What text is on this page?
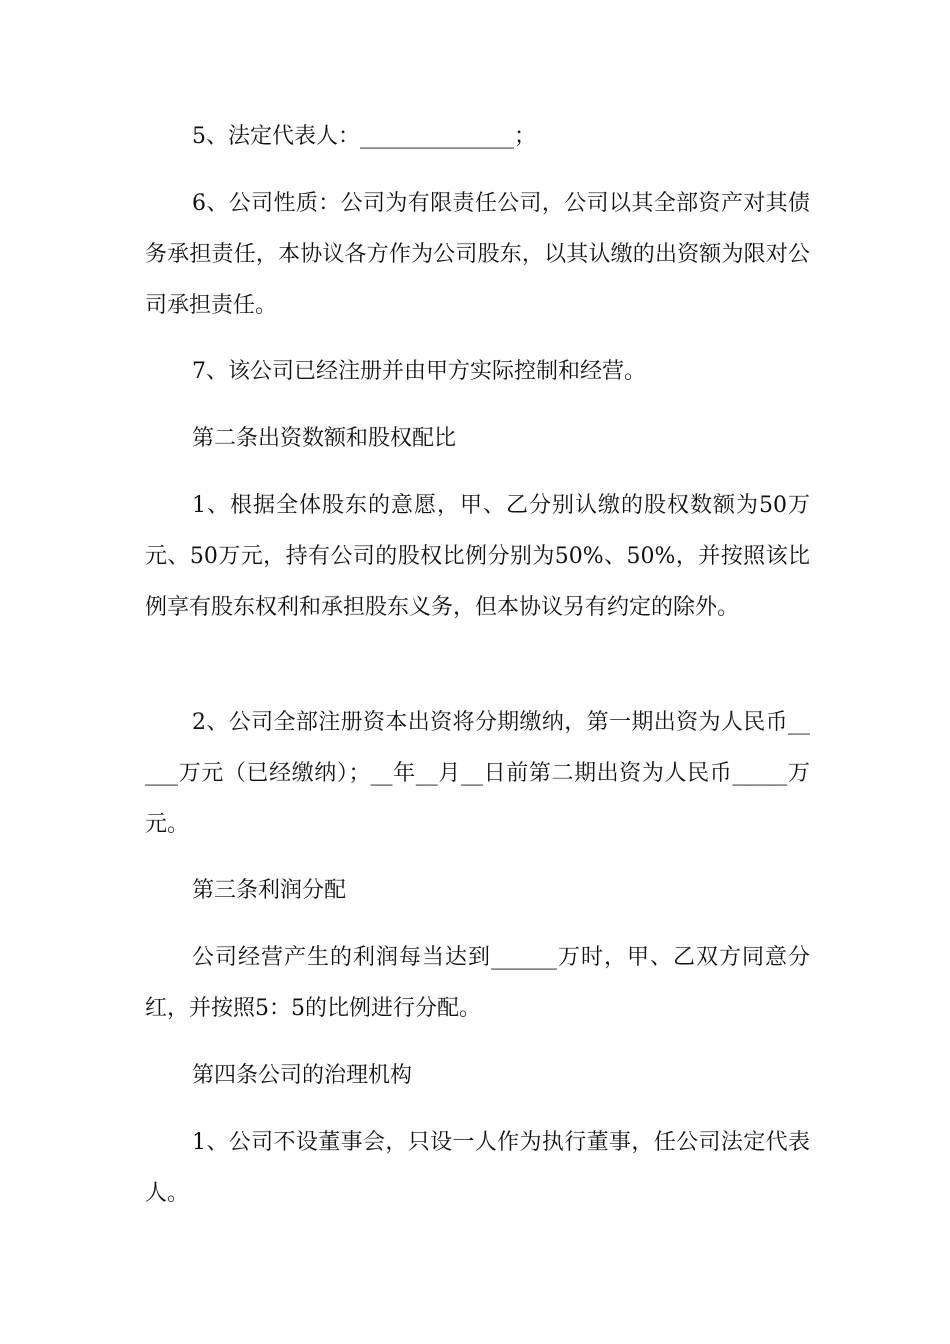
5、法定代表人：______________；

6、公司性质：公司为有限责任公司，公司以其全部资产对其债务承担责任，本协议各方作为公司股东，以其认缴的出资额为限对公司承担责任。

7、该公司已经注册并由甲方实际控制和经营。

第二条出资数额和股权配比

1、根据全体股东的意愿，甲、乙分别认缴的股权数额为50万元、50万元，持有公司的股权比例分别为50%、50%，并按照该比例享有股东权利和承担股东义务，但本协议另有约定的除外。

2、公司全部注册资本出资将分期缴纳，第一期出资为人民币_____万元（已经缴纳）；__年__月__日前第二期出资为人民币_____万元。

第三条利润分配

公司经营产生的利润每当达到______万时，甲、乙双方同意分红，并按照5：5的比例进行分配。

第四条公司的治理机构

1、公司不设董事会，只设一人作为执行董事，任公司法定代表人。
